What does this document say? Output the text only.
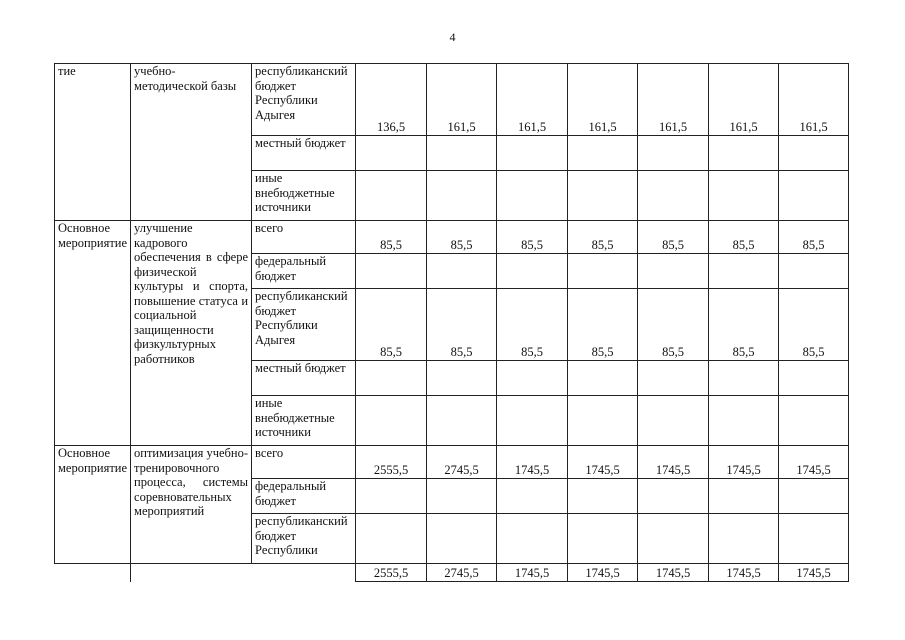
4
тие	учебно-методической базы	республиканский бюджет Республики Адыгея	136,5	161,5	161,5	161,5	161,5	161,5	161,5
		местный бюджет							
		иные внебюджетные источники							
Основное мероприятие	улучшение кадрового обеспечения в сфере физической культуры и спорта, повышение статуса и социальной защищенности физкультурных работников	всего	85,5	85,5	85,5	85,5	85,5	85,5	85,5
		федеральный бюджет							
		республиканский бюджет Республики Адыгея	85,5	85,5	85,5	85,5	85,5	85,5	85,5
		местный бюджет							
		иные внебюджетные источники							
Основное мероприятие	оптимизация учебно-тренировочного процесса, системы соревновательных мероприятий	всего	2555,5	2745,5	1745,5	1745,5	1745,5	1745,5	1745,5
		федеральный бюджет							
		республиканский бюджет Республики							
			2555,5	2745,5	1745,5	1745,5	1745,5	1745,5	1745,5
